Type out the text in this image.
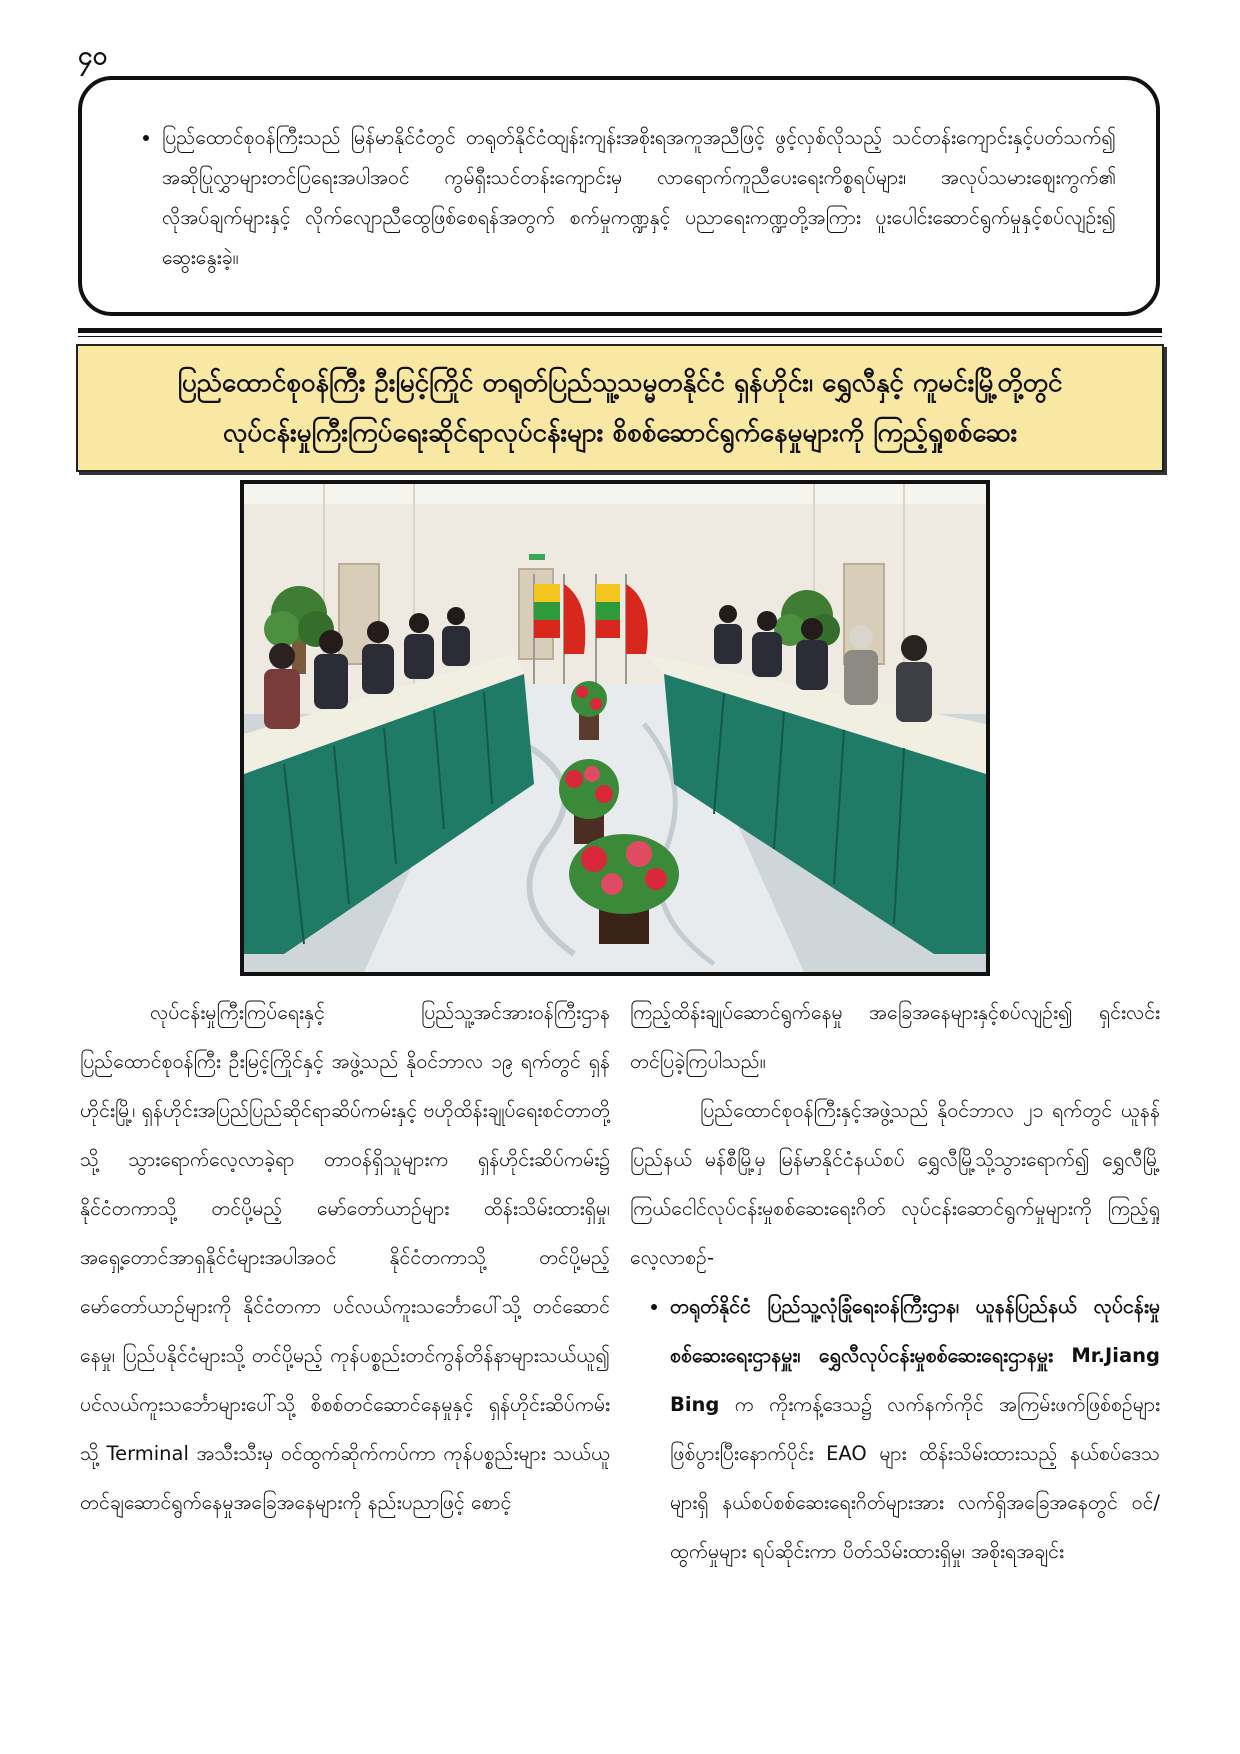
၄၀
• ပြည်ထောင်စုဝန်ကြီးသည် မြန်မာနိုင်ငံတွင် တရုတ်နိုင်ငံထျန်းကျန်းအစိုးရအကူအညီဖြင့် ဖွင့်လှစ်လိုသည့် သင်တန်းကျောင်းနှင့်ပတ်သက်၍ အဆိုပြုလွှာများတင်ပြရေးအပါအဝင် ကွမ်ရှီးသင်တန်းကျောင်းမှ လာရောက်ကူညီပေးရေးကိစ္စရပ်များ၊ အလုပ်သမားဈေးကွက်၏ လိုအပ်ချက်များနှင့် လိုက်လျောညီထွေဖြစ်စေရန်အတွက် စက်မှုကဏ္ဍနှင့် ပညာရေးကဏ္ဍတို့အကြား ပူးပေါင်းဆောင်ရွက်မှုနှင့်စပ်လျဉ်း၍ ဆွေးနွေးခဲ့။
ပြည်ထောင်စုဝန်ကြီး ဦးမြင့်ကြိုင် တရုတ်ပြည်သူ့သမ္မတနိုင်ငံ ရှန်ဟိုင်း၊ ရွှေလီနှင့် ကူမင်းမြို့တို့တွင်
လုပ်ငန်းမှုကြီးကြပ်ရေးဆိုင်ရာလုပ်ငန်းများ စိစစ်ဆောင်ရွက်နေမှုများကို ကြည့်ရှုစစ်ဆေး

လုပ်ငန်းမှုကြီးကြပ်ရေးနှင့် ပြည်သူ့အင်အားဝန်ကြီးဌာန ပြည်ထောင်စုဝန်ကြီး ဦးမြင့်ကြိုင်နှင့် အဖွဲ့သည် နိုဝင်ဘာလ ၁၉ ရက်တွင် ရှန်ဟိုင်းမြို့၊ ရှန်ဟိုင်းအပြည်ပြည်ဆိုင်ရာဆိပ်ကမ်းနှင့် ဗဟိုထိန်းချုပ်ရေးစင်တာတို့သို့ သွားရောက်လေ့လာခဲ့ရာ တာဝန်ရှိသူများက ရှန်ဟိုင်းဆိပ်ကမ်း၌ နိုင်ငံတကာသို့ တင်ပို့မည့် မော်တော်ယာဉ်များ ထိန်းသိမ်းထားရှိမှု၊ အရှေ့တောင်အာရှနိုင်ငံများအပါအဝင် နိုင်ငံတကာသို့ တင်ပို့မည့် မော်တော်ယာဉ်များကို နိုင်ငံတကာ ပင်လယ်ကူးသင်္ဘောပေါ်သို့ တင်ဆောင်နေမှု၊ ပြည်ပနိုင်ငံများသို့ တင်ပို့မည့် ကုန်ပစ္စည်းတင်ကွန်တိန်နာများသယ်ယူ၍ ပင်လယ်ကူးသင်္ဘောများပေါ်သို့ စိစစ်တင်ဆောင်နေမှုနှင့် ရှန်ဟိုင်းဆိပ်ကမ်းသို့ Terminal အသီးသီးမှ ဝင်ထွက်ဆိုက်ကပ်ကာ ကုန်ပစ္စည်းများ သယ်ယူတင်ချဆောင်ရွက်နေမှုအခြေအနေများကို နည်းပညာဖြင့် စောင့်

ကြည့်ထိန်းချုပ်ဆောင်ရွက်နေမှု အခြေအနေများနှင့်စပ်လျဉ်း၍ ရှင်းလင်းတင်ပြခဲ့ကြပါသည်။

ပြည်ထောင်စုဝန်ကြီးနှင့်အဖွဲ့သည် နိုဝင်ဘာလ ၂၁ ရက်တွင် ယူနန်ပြည်နယ် မန်စီမြို့မှ မြန်မာနိုင်ငံနယ်စပ် ရွှေလီမြို့သို့သွားရောက်၍ ရွှေလီမြို့ ကြယ်ငေါင်လုပ်ငန်းမှုစစ်ဆေးရေးဂိတ် လုပ်ငန်းဆောင်ရွက်မှုများကို ကြည့်ရှုလေ့လာစဉ်-

• တရုတ်နိုင်ငံ ပြည်သူ့လုံခြုံရေးဝန်ကြီးဌာန၊ ယူနန်ပြည်နယ် လုပ်ငန်းမှုစစ်ဆေးရေးဌာနမှူး၊ ရွှေလီလုပ်ငန်းမှုစစ်ဆေးရေးဌာနမှူး Mr.Jiang Bing က ကိုးကန့်ဒေသ၌ လက်နက်ကိုင် အကြမ်းဖက်ဖြစ်စဉ်များဖြစ်ပွားပြီးနောက်ပိုင်း EAO များ ထိန်းသိမ်းထားသည့် နယ်စပ်ဒေသများရှိ နယ်စပ်စစ်ဆေးရေးဂိတ်များအား လက်ရှိအခြေအနေတွင် ဝင်/ထွက်မှုများ ရပ်ဆိုင်းကာ ပိတ်သိမ်းထားရှိမှု၊ အစိုးရအချင်း
